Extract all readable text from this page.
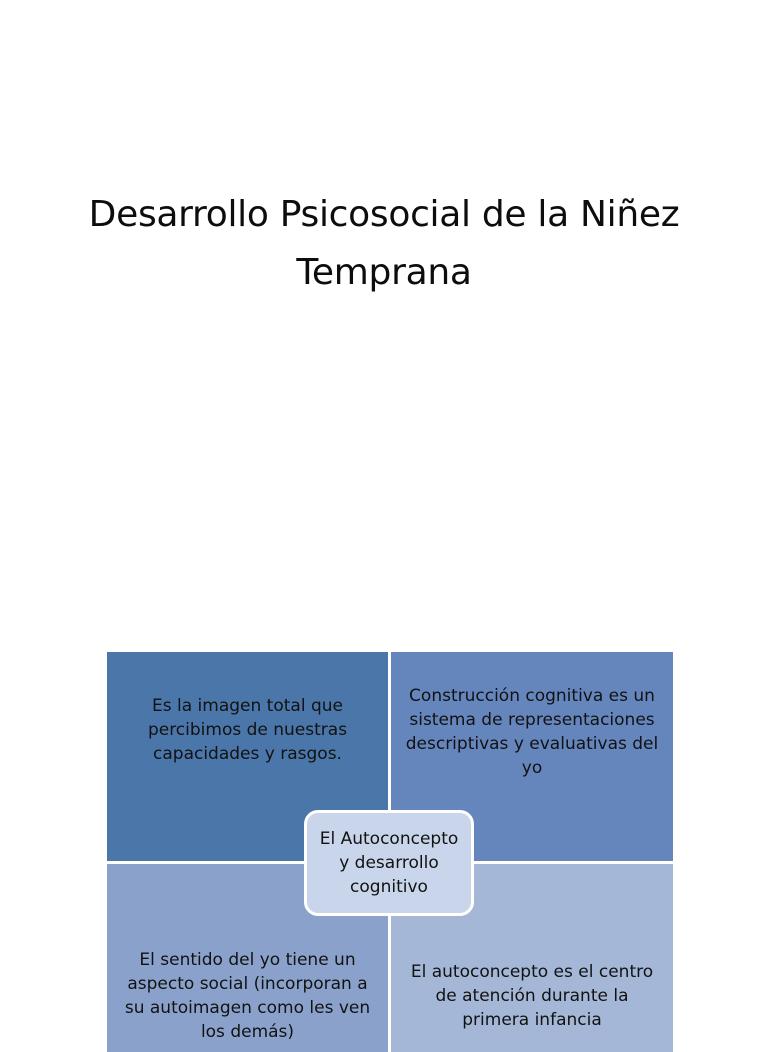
Desarrollo Psicosocial de la Niñez Temprana
Es la imagen total que percibimos de nuestras capacidades y rasgos.
Construcción cognitiva es un sistema de representaciones descriptivas y evaluativas del yo
El sentido del yo tiene un aspecto social (incorporan a su autoimagen como les ven los demás)
El autoconcepto es el centro de atención durante la primera infancia
El Autoconcepto y desarrollo cognitivo
